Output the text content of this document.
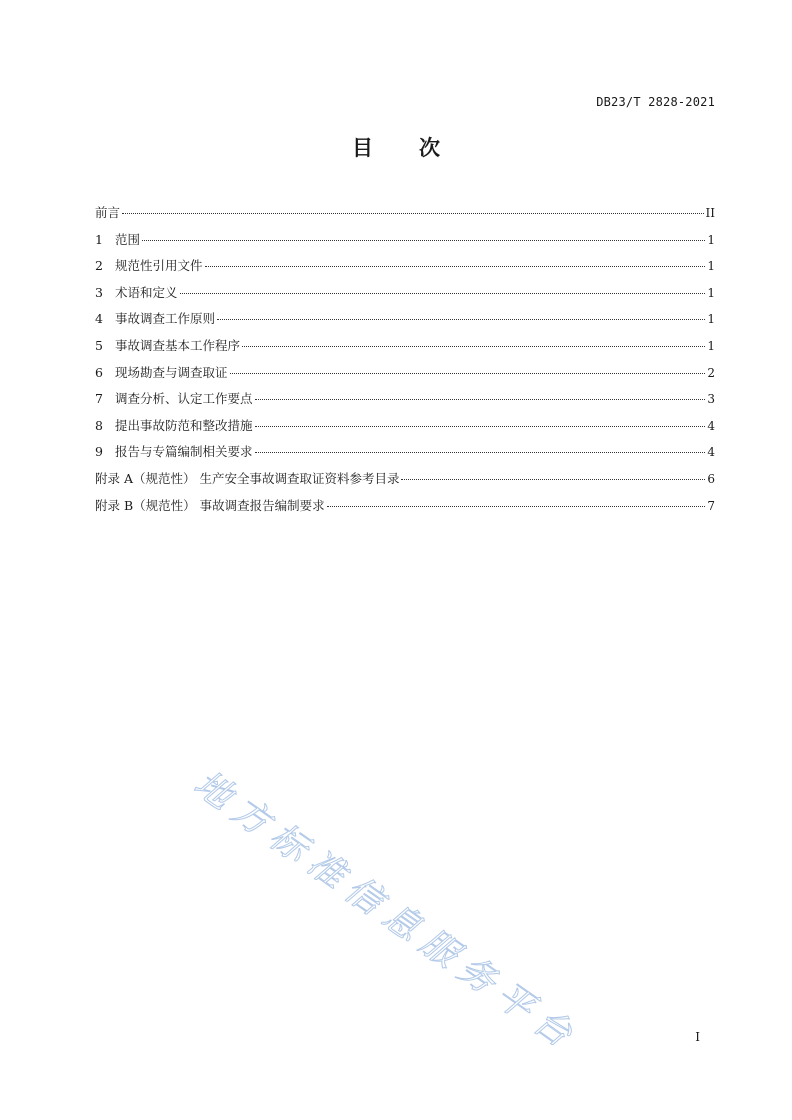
DB23/T 2828-2021
目 次
前言	II
1 范围	1
2 规范性引用文件	1
3 术语和定义	1
4 事故调查工作原则	1
5 事故调查基本工作程序	1
6 现场勘查与调查取证	2
7 调查分析、认定工作要点	3
8 提出事故防范和整改措施	4
9 报告与专篇编制相关要求	4
附录 A（规范性） 生产安全事故调查取证资料参考目录	6
附录 B（规范性） 事故调查报告编制要求	7
地方标准信息服务平台	I
